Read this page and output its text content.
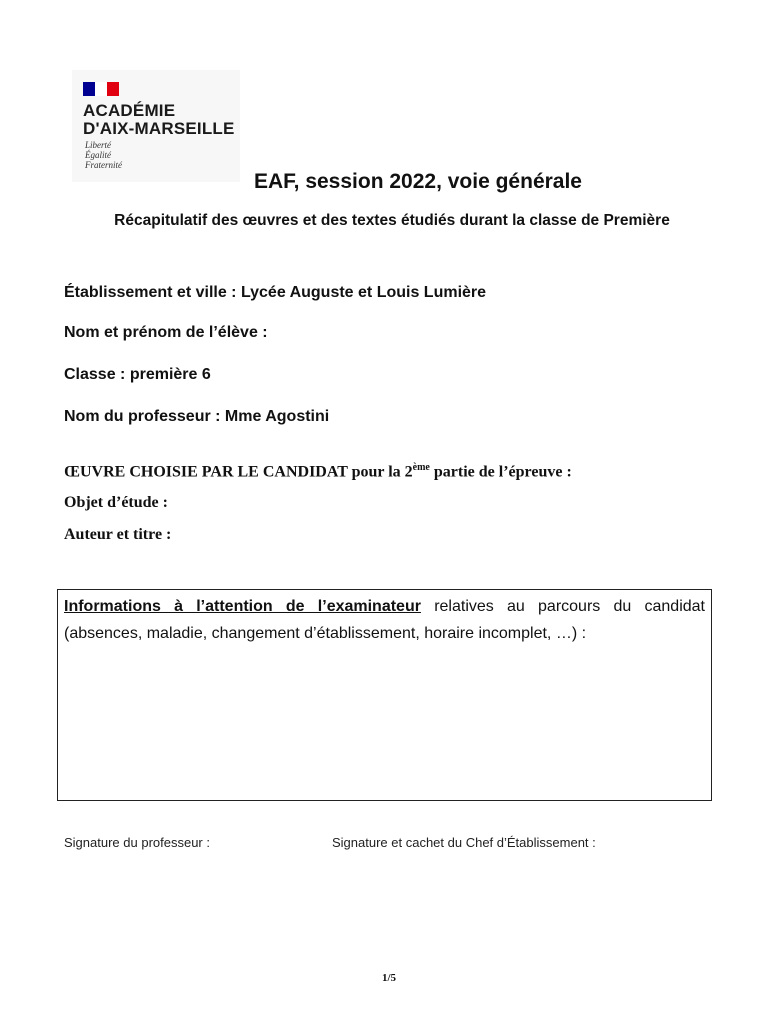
ACADÉMIE
D'AIX-MARSEILLE
Liberté
Égalité
Fraternité
EAF, session 2022, voie générale
Récapitulatif des œuvres et des textes étudiés durant la classe de Première
Établissement et ville : Lycée Auguste et Louis Lumière
Nom et prénom de l’élève :
Classe : première 6
Nom du professeur : Mme Agostini
ŒUVRE CHOISIE PAR LE CANDIDAT pour la 2ème partie de l’épreuve :
Objet d’étude :
Auteur et titre :
Informations à l’attention de l’examinateur relatives au parcours du candidat (absences, maladie, changement d’établissement, horaire incomplet, …) :
Signature du professeur :	Signature et cachet du Chef d’Établissement :
1/5
